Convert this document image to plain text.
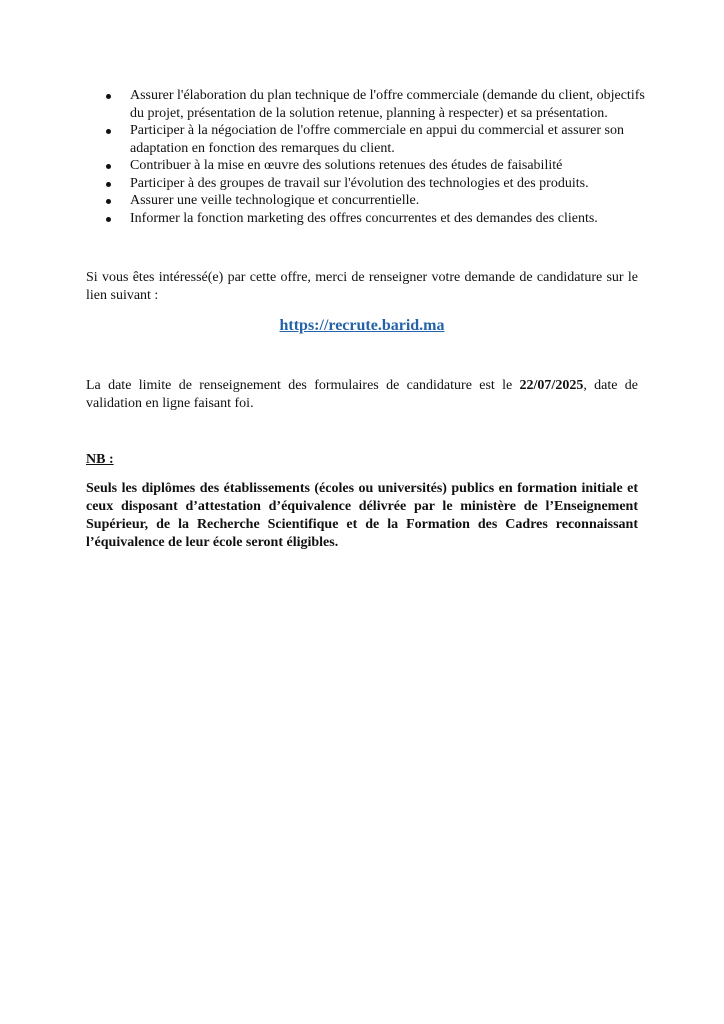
Assurer l'élaboration du plan technique de l'offre commerciale (demande du client, objectifs du projet, présentation de la solution retenue, planning à respecter) et sa présentation.
Participer à la négociation de l'offre commerciale en appui du commercial et assurer son adaptation en fonction des remarques du client.
Contribuer à la mise en œuvre des solutions retenues des études de faisabilité
Participer à des groupes de travail sur l'évolution des technologies et des produits.
Assurer une veille technologique et concurrentielle.
Informer la fonction marketing des offres concurrentes et des demandes des clients.

Si vous êtes intéressé(e) par cette offre, merci de renseigner votre demande de candidature sur le lien suivant :

https://recrute.barid.ma

La date limite de renseignement des formulaires de candidature est le 22/07/2025, date de validation en ligne faisant foi.

NB :

Seuls les diplômes des établissements (écoles ou universités) publics en formation initiale et ceux disposant d’attestation d’équivalence délivrée par le ministère de l’Enseignement Supérieur, de la Recherche Scientifique et de la Formation des Cadres reconnaissant l’équivalence de leur école seront éligibles.
